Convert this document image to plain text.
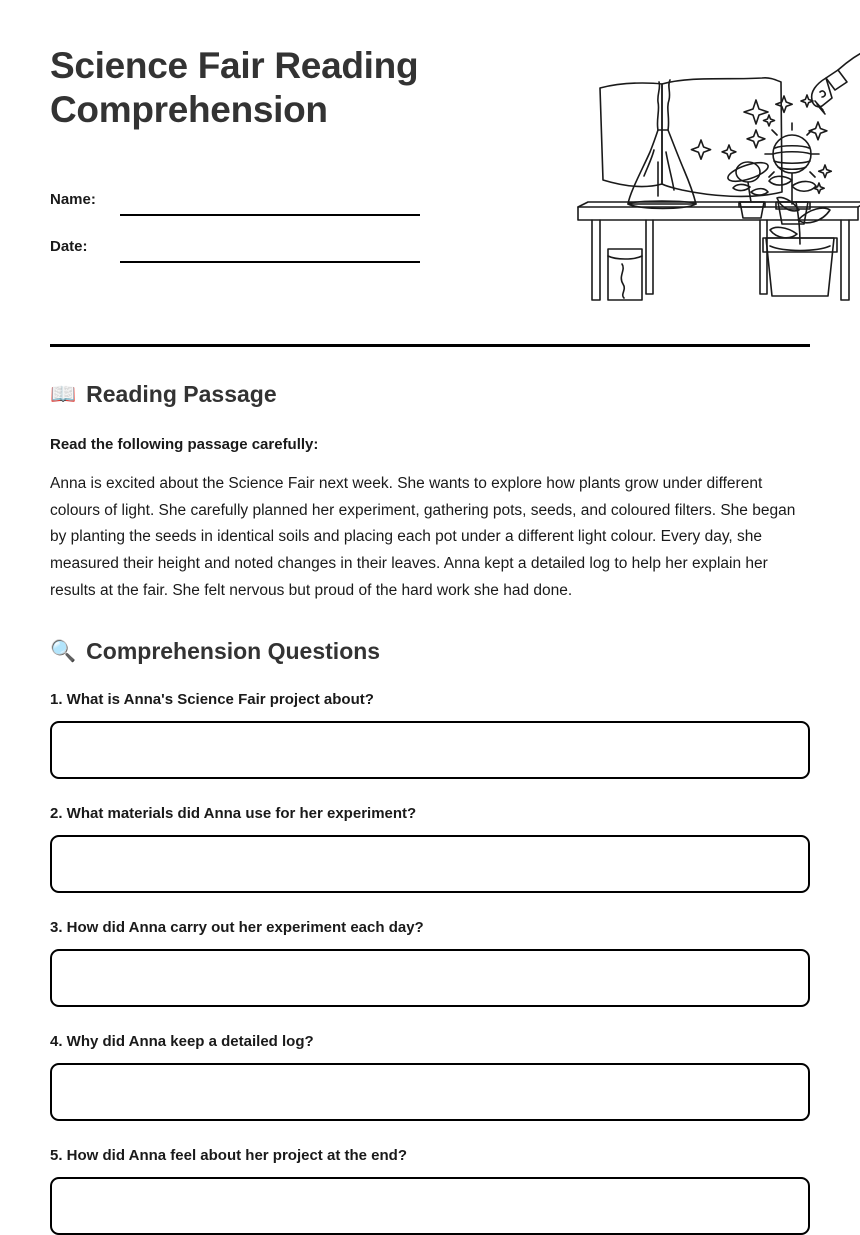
Science Fair Reading Comprehension
Name:
Date:
📖 Reading Passage
Read the following passage carefully:
Anna is excited about the Science Fair next week. She wants to explore how plants grow under different colours of light. She carefully planned her experiment, gathering pots, seeds, and coloured filters. She began by planting the seeds in identical soils and placing each pot under a different light colour. Every day, she measured their height and noted changes in their leaves. Anna kept a detailed log to help her explain her results at the fair. She felt nervous but proud of the hard work she had done.
🔍 Comprehension Questions
1. What is Anna's Science Fair project about?
2. What materials did Anna use for her experiment?
3. How did Anna carry out her experiment each day?
4. Why did Anna keep a detailed log?
5. How did Anna feel about her project at the end?
